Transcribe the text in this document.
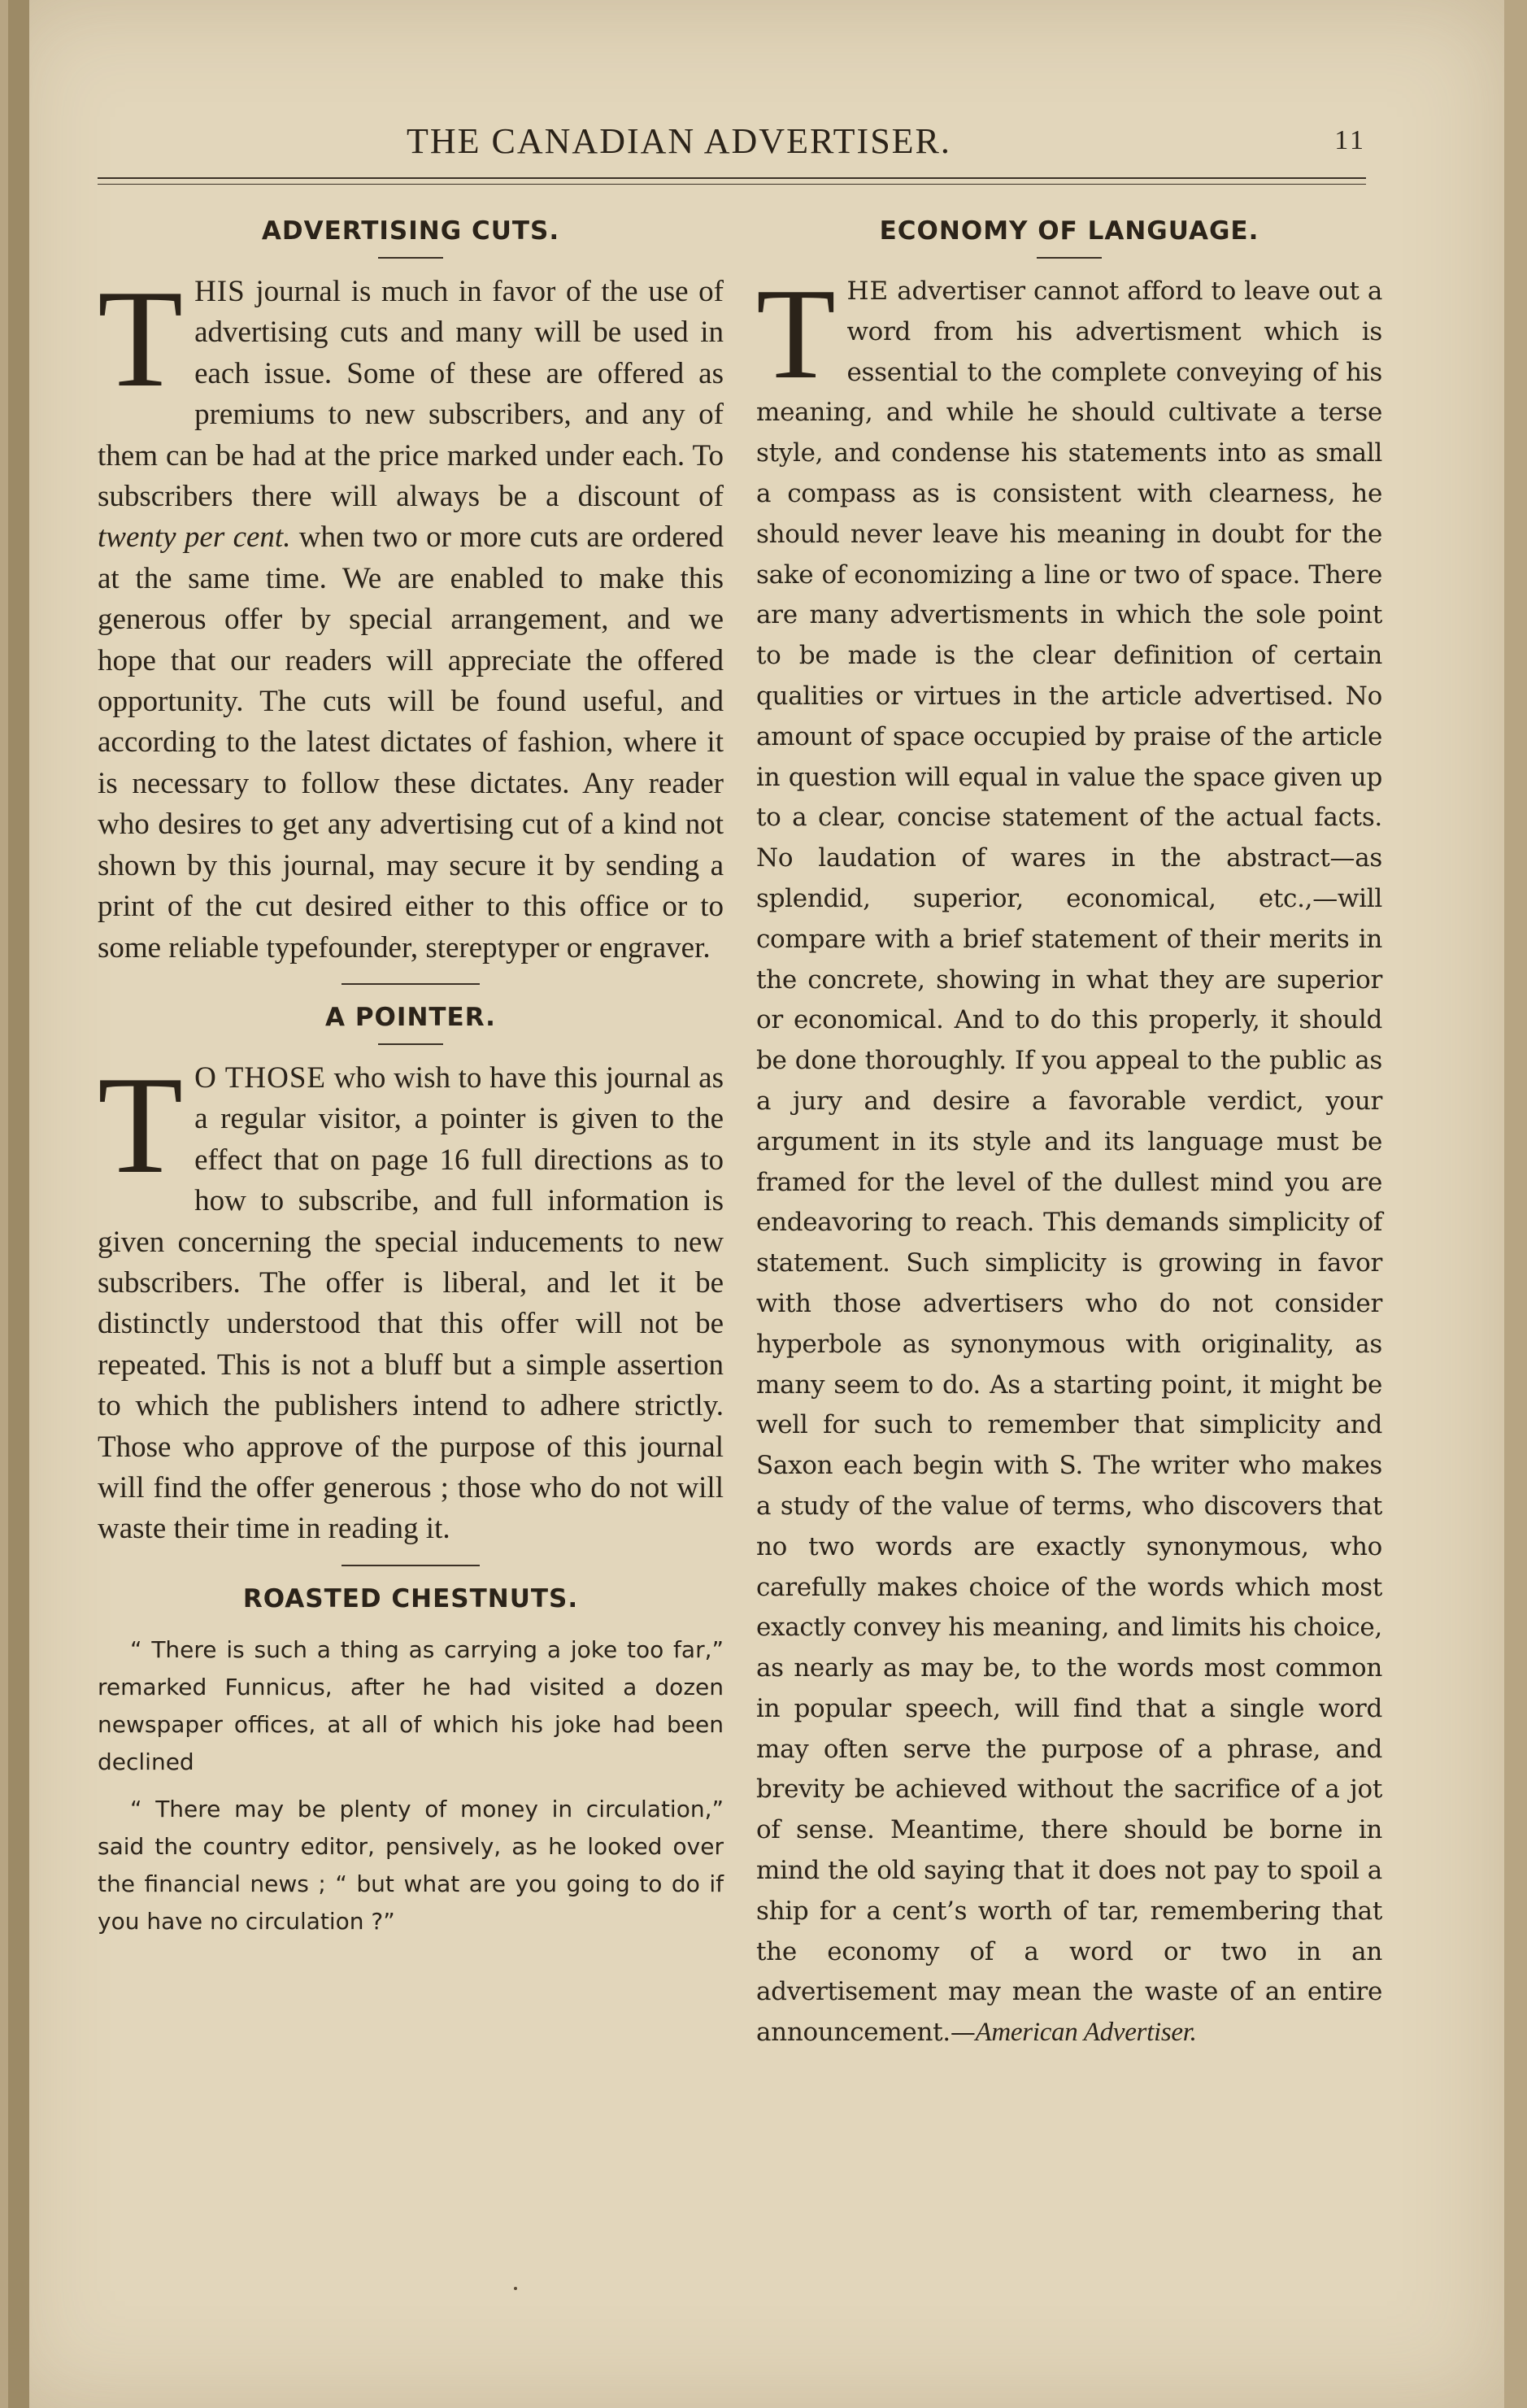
THE CANADIAN ADVERTISER.	11
ADVERTISING CUTS.

THIS journal is much in favor of the use of advertising cuts and many will be used in each issue. Some of these are offered as premiums to new subscribers, and any of them can be had at the price marked under each. To subscribers there will always be a discount of twenty per cent. when two or more cuts are ordered at the same time. We are enabled to make this generous offer by special arrangement, and we hope that our readers will appreciate the offered opportunity. The cuts will be found useful, and according to the latest dictates of fashion, where it is necessary to follow these dictates. Any reader who desires to get any advertising cut of a kind not shown by this journal, may secure it by sending a print of the cut desired either to this office or to some reliable typefounder, stereptyper or engraver.

A POINTER.

T O THOSE who wish to have this journal as a regular visitor, a pointer is given to the effect that on page 16 full directions as to how to subscribe, and full information is given concerning the special inducements to new subscribers. The offer is liberal, and let it be distinctly understood that this offer will not be repeated. This is not a bluff but a simple assertion to which the publishers intend to adhere strictly. Those who approve of the purpose of this journal will find the offer generous ; those who do not will waste their time in reading it.

ROASTED CHESTNUTS.

“ There is such a thing as carrying a joke too far,” remarked Funnicus, after he had visited a dozen newspaper offices, at all of which his joke had been declined

“ There may be plenty of money in circulation,” said the country editor, pensively, as he looked over the financial news ; “ but what are you going to do if you have no circulation ?”

ECONOMY OF LANGUAGE.

THE advertiser cannot afford to leave out a word from his advertisment which is essential to the complete conveying of his meaning, and while he should cultivate a terse style, and condense his statements into as small a compass as is consistent with clearness, he should never leave his meaning in doubt for the sake of economizing a line or two of space. There are many advertisments in which the sole point to be made is the clear definition of certain qualities or virtues in the article advertised. No amount of space occupied by praise of the article in question will equal in value the space given up to a clear, concise statement of the actual facts. No laudation of wares in the abstract—as splendid, superior, economical, etc.,—will compare with a brief statement of their merits in the concrete, showing in what they are superior or economical. And to do this properly, it should be done thoroughly. If you appeal to the public as a jury and desire a favorable verdict, your argument in its style and its language must be framed for the level of the dullest mind you are endeavoring to reach. This demands simplicity of statement. Such simplicity is growing in favor with those advertisers who do not consider hyperbole as synonymous with originality, as many seem to do. As a starting point, it might be well for such to remember that simplicity and Saxon each begin with S. The writer who makes a study of the value of terms, who discovers that no two words are exactly synonymous, who carefully makes choice of the words which most exactly convey his meaning, and limits his choice, as nearly as may be, to the words most common in popular speech, will find that a single word may often serve the purpose of a phrase, and brevity be achieved without the sacrifice of a jot of sense. Meantime, there should be borne in mind the old saying that it does not pay to spoil a ship for a cent’s worth of tar, remembering that the economy of a word or two in an advertisement may mean the waste of an entire announcement.—American Advertiser.
